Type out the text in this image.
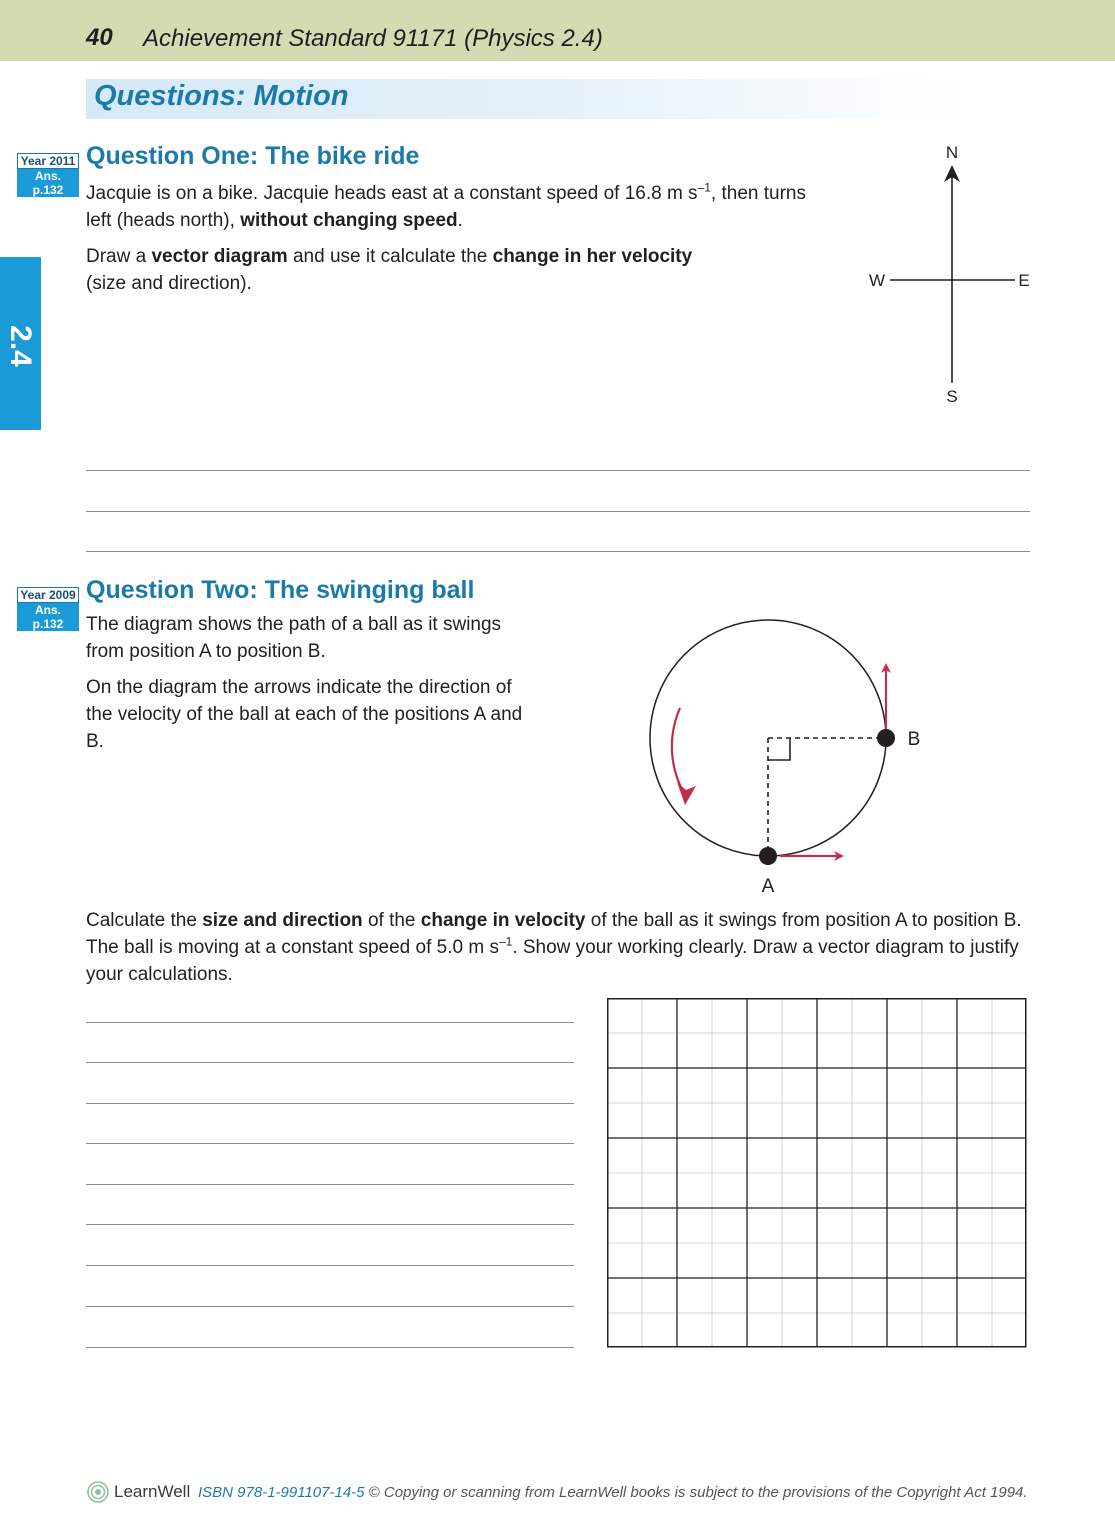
40 Achievement Standard 91171 (Physics 2.4)
Questions: Motion
2.4
Year 2011
Ans. p.132
Question One: The bike ride

Jacquie is on a bike. Jacquie heads east at a constant speed of 16.8 m $s^{-1}$, then turns left (heads north), without changing speed.

Draw a vector diagram and use it calculate the change in her velocity (size and direction).

N
S
E
W
Year 2009
Ans. p.132
Question Two: The swinging ball

The diagram shows the path of a ball as it swings from position A to position B.

On the diagram the arrows indicate the direction of the velocity of the ball at each of the positions A and B.

A
B

Calculate the size and direction of the change in velocity of the ball as it swings from position A to position B. The ball is moving at a constant speed of 5.0 m $s^{-1}$. Show your working clearly. Draw a vector diagram to justify your calculations.

LearnWell ISBN 978-1-991107-14-5 © Copying or scanning from LearnWell books is subject to the provisions of the Copyright Act 1994.
